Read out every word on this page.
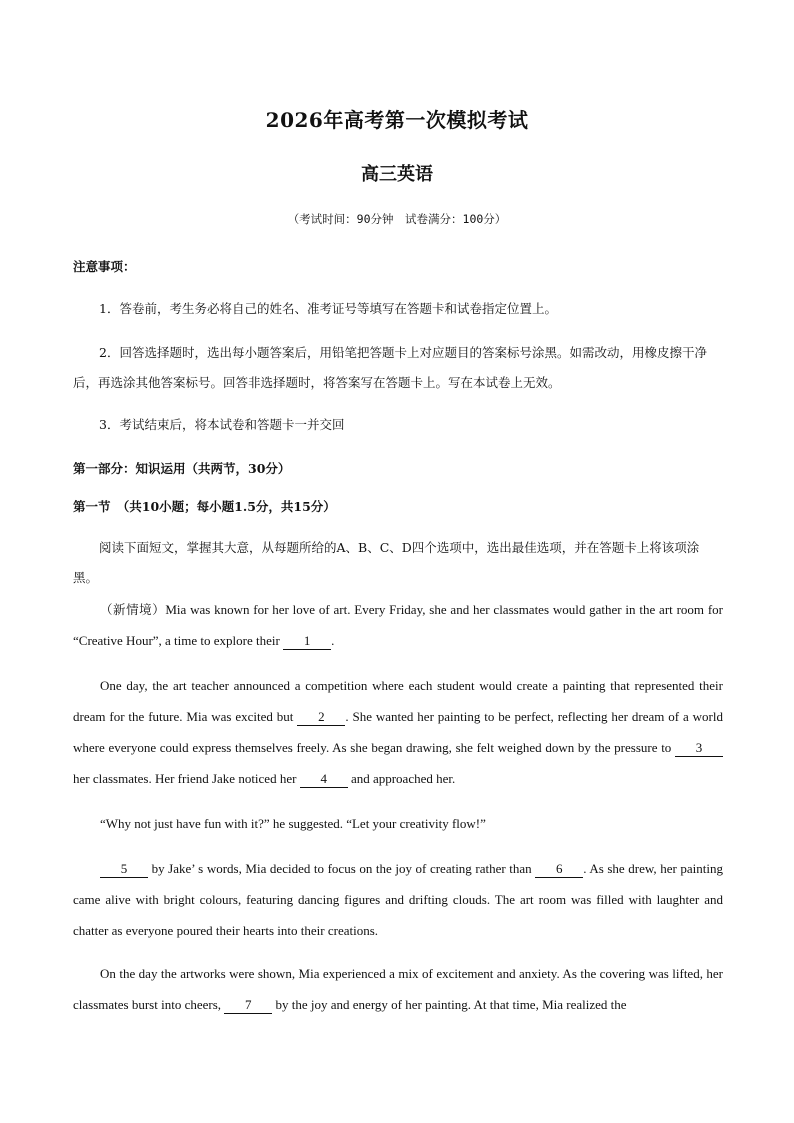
2026年高考第一次模拟考试
高三英语
（考试时间：90分钟　试卷满分：100分）
注意事项：
1．答卷前，考生务必将自己的姓名、准考证号等填写在答题卡和试卷指定位置上。
2．回答选择题时，选出每小题答案后，用铅笔把答题卡上对应题目的答案标号涂黑。如需改动，用橡皮擦干净后，再选涂其他答案标号。回答非选择题时，将答案写在答题卡上。写在本试卷上无效。
3．考试结束后，将本试卷和答题卡一并交回
第一部分：知识运用（共两节，30分）
第一节　（共10小题；每小题1.5分，共15分）
阅读下面短文，掌握其大意，从每题所给的A、B、C、D四个选项中，选出最佳选项，并在答题卡上将该项涂黑。
（新情境）Mia was known for her love of art. Every Friday, she and her classmates would gather in the art room for “Creative Hour”, a time to explore their 1 .
One day, the art teacher announced a competition where each student would create a painting that represented their dream for the future. Mia was excited but 2 . She wanted her painting to be perfect, reflecting her dream of a world where everyone could express themselves freely. As she began drawing, she felt weighed down by the pressure to 3 her classmates. Her friend Jake noticed her 4 and approached her.
“Why not just have fun with it?” he suggested. “Let your creativity flow!”
5 by Jake’ s words, Mia decided to focus on the joy of creating rather than 6 . As she drew, her painting came alive with bright colours, featuring dancing figures and drifting clouds. The art room was filled with laughter and chatter as everyone poured their hearts into their creations.
On the day the artworks were shown, Mia experienced a mix of excitement and anxiety. As the covering was lifted, her classmates burst into cheers, 7 by the joy and energy of her painting. At that time, Mia realized the
